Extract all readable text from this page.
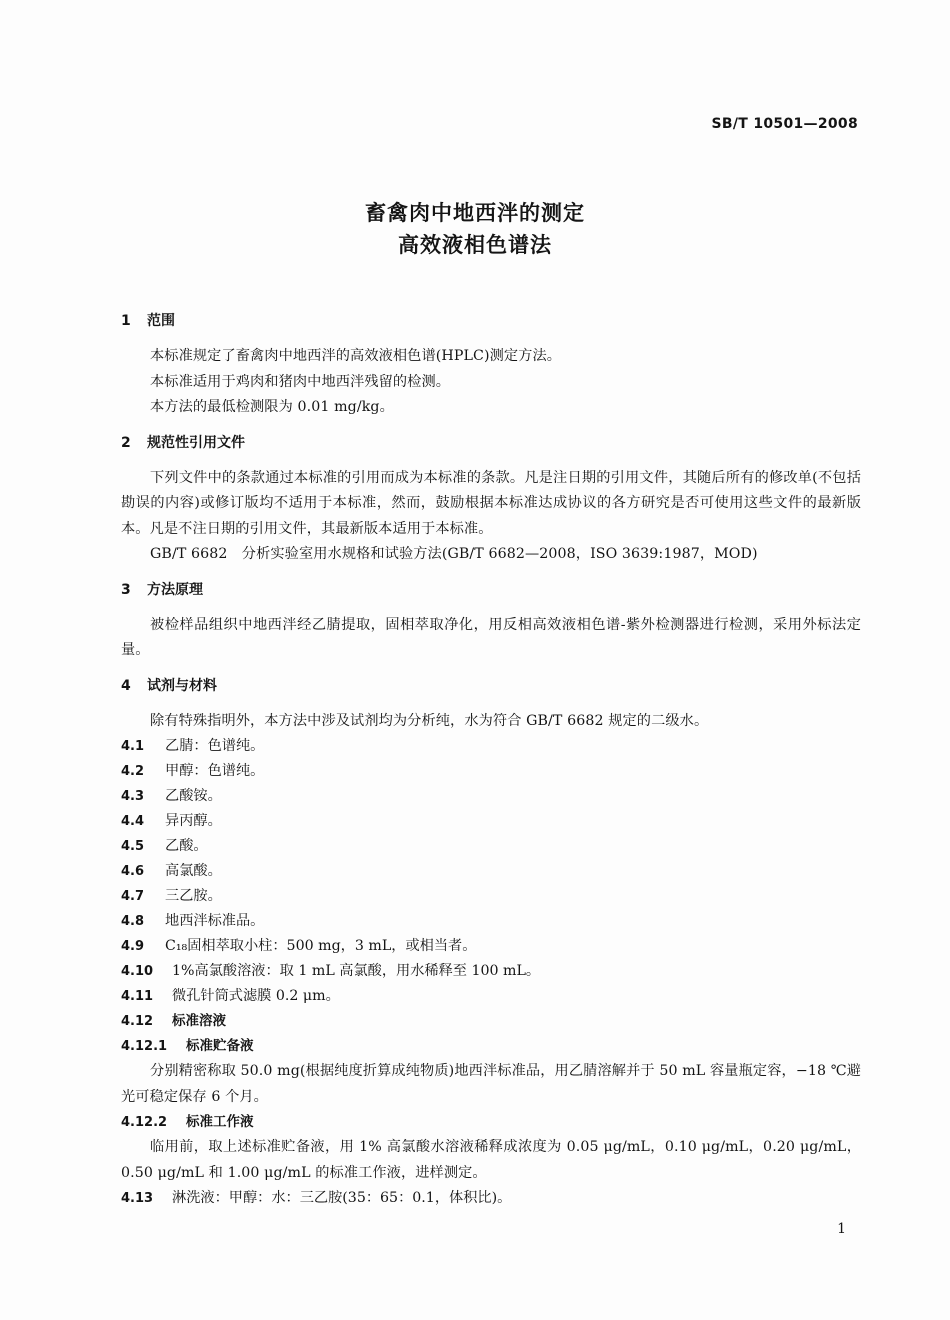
SB/T 10501—2008
畜禽肉中地西泮的测定
高效液相色谱法
1 范围
本标准规定了畜禽肉中地西泮的高效液相色谱(HPLC)测定方法。
本标准适用于鸡肉和猪肉中地西泮残留的检测。
本方法的最低检测限为 0.01 mg/kg。
2 规范性引用文件
下列文件中的条款通过本标准的引用而成为本标准的条款。凡是注日期的引用文件，其随后所有的修改单(不包括勘误的内容)或修订版均不适用于本标准，然而，鼓励根据本标准达成协议的各方研究是否可使用这些文件的最新版本。凡是不注日期的引用文件，其最新版本适用于本标准。
GB/T 6682　分析实验室用水规格和试验方法(GB/T 6682—2008，ISO 3639:1987，MOD)
3 方法原理
被检样品组织中地西泮经乙腈提取，固相萃取净化，用反相高效液相色谱-紫外检测器进行检测，采用外标法定量。
4 试剂与材料
除有特殊指明外，本方法中涉及试剂均为分析纯，水为符合 GB/T 6682 规定的二级水。
4.1 乙腈：色谱纯。
4.2 甲醇：色谱纯。
4.3 乙酸铵。
4.4 异丙醇。
4.5 乙酸。
4.6 高氯酸。
4.7 三乙胺。
4.8 地西泮标准品。
4.9 C₁₈固相萃取小柱：500 mg，3 mL，或相当者。
4.10 1%高氯酸溶液：取 1 mL 高氯酸，用水稀释至 100 mL。
4.11 微孔针筒式滤膜 0.2 μm。
4.12 标准溶液
4.12.1 标准贮备液
分别精密称取 50.0 mg(根据纯度折算成纯物质)地西泮标准品，用乙腈溶解并于 50 mL 容量瓶定容，−18 ℃避光可稳定保存 6 个月。
4.12.2 标准工作液
临用前，取上述标准贮备液，用 1% 高氯酸水溶液稀释成浓度为 0.05 μg/mL，0.10 μg/mL，0.20 μg/mL，0.50 μg/mL 和 1.00 μg/mL 的标准工作液，进样测定。
4.13 淋洗液：甲醇：水：三乙胺(35：65：0.1，体积比)。
1
